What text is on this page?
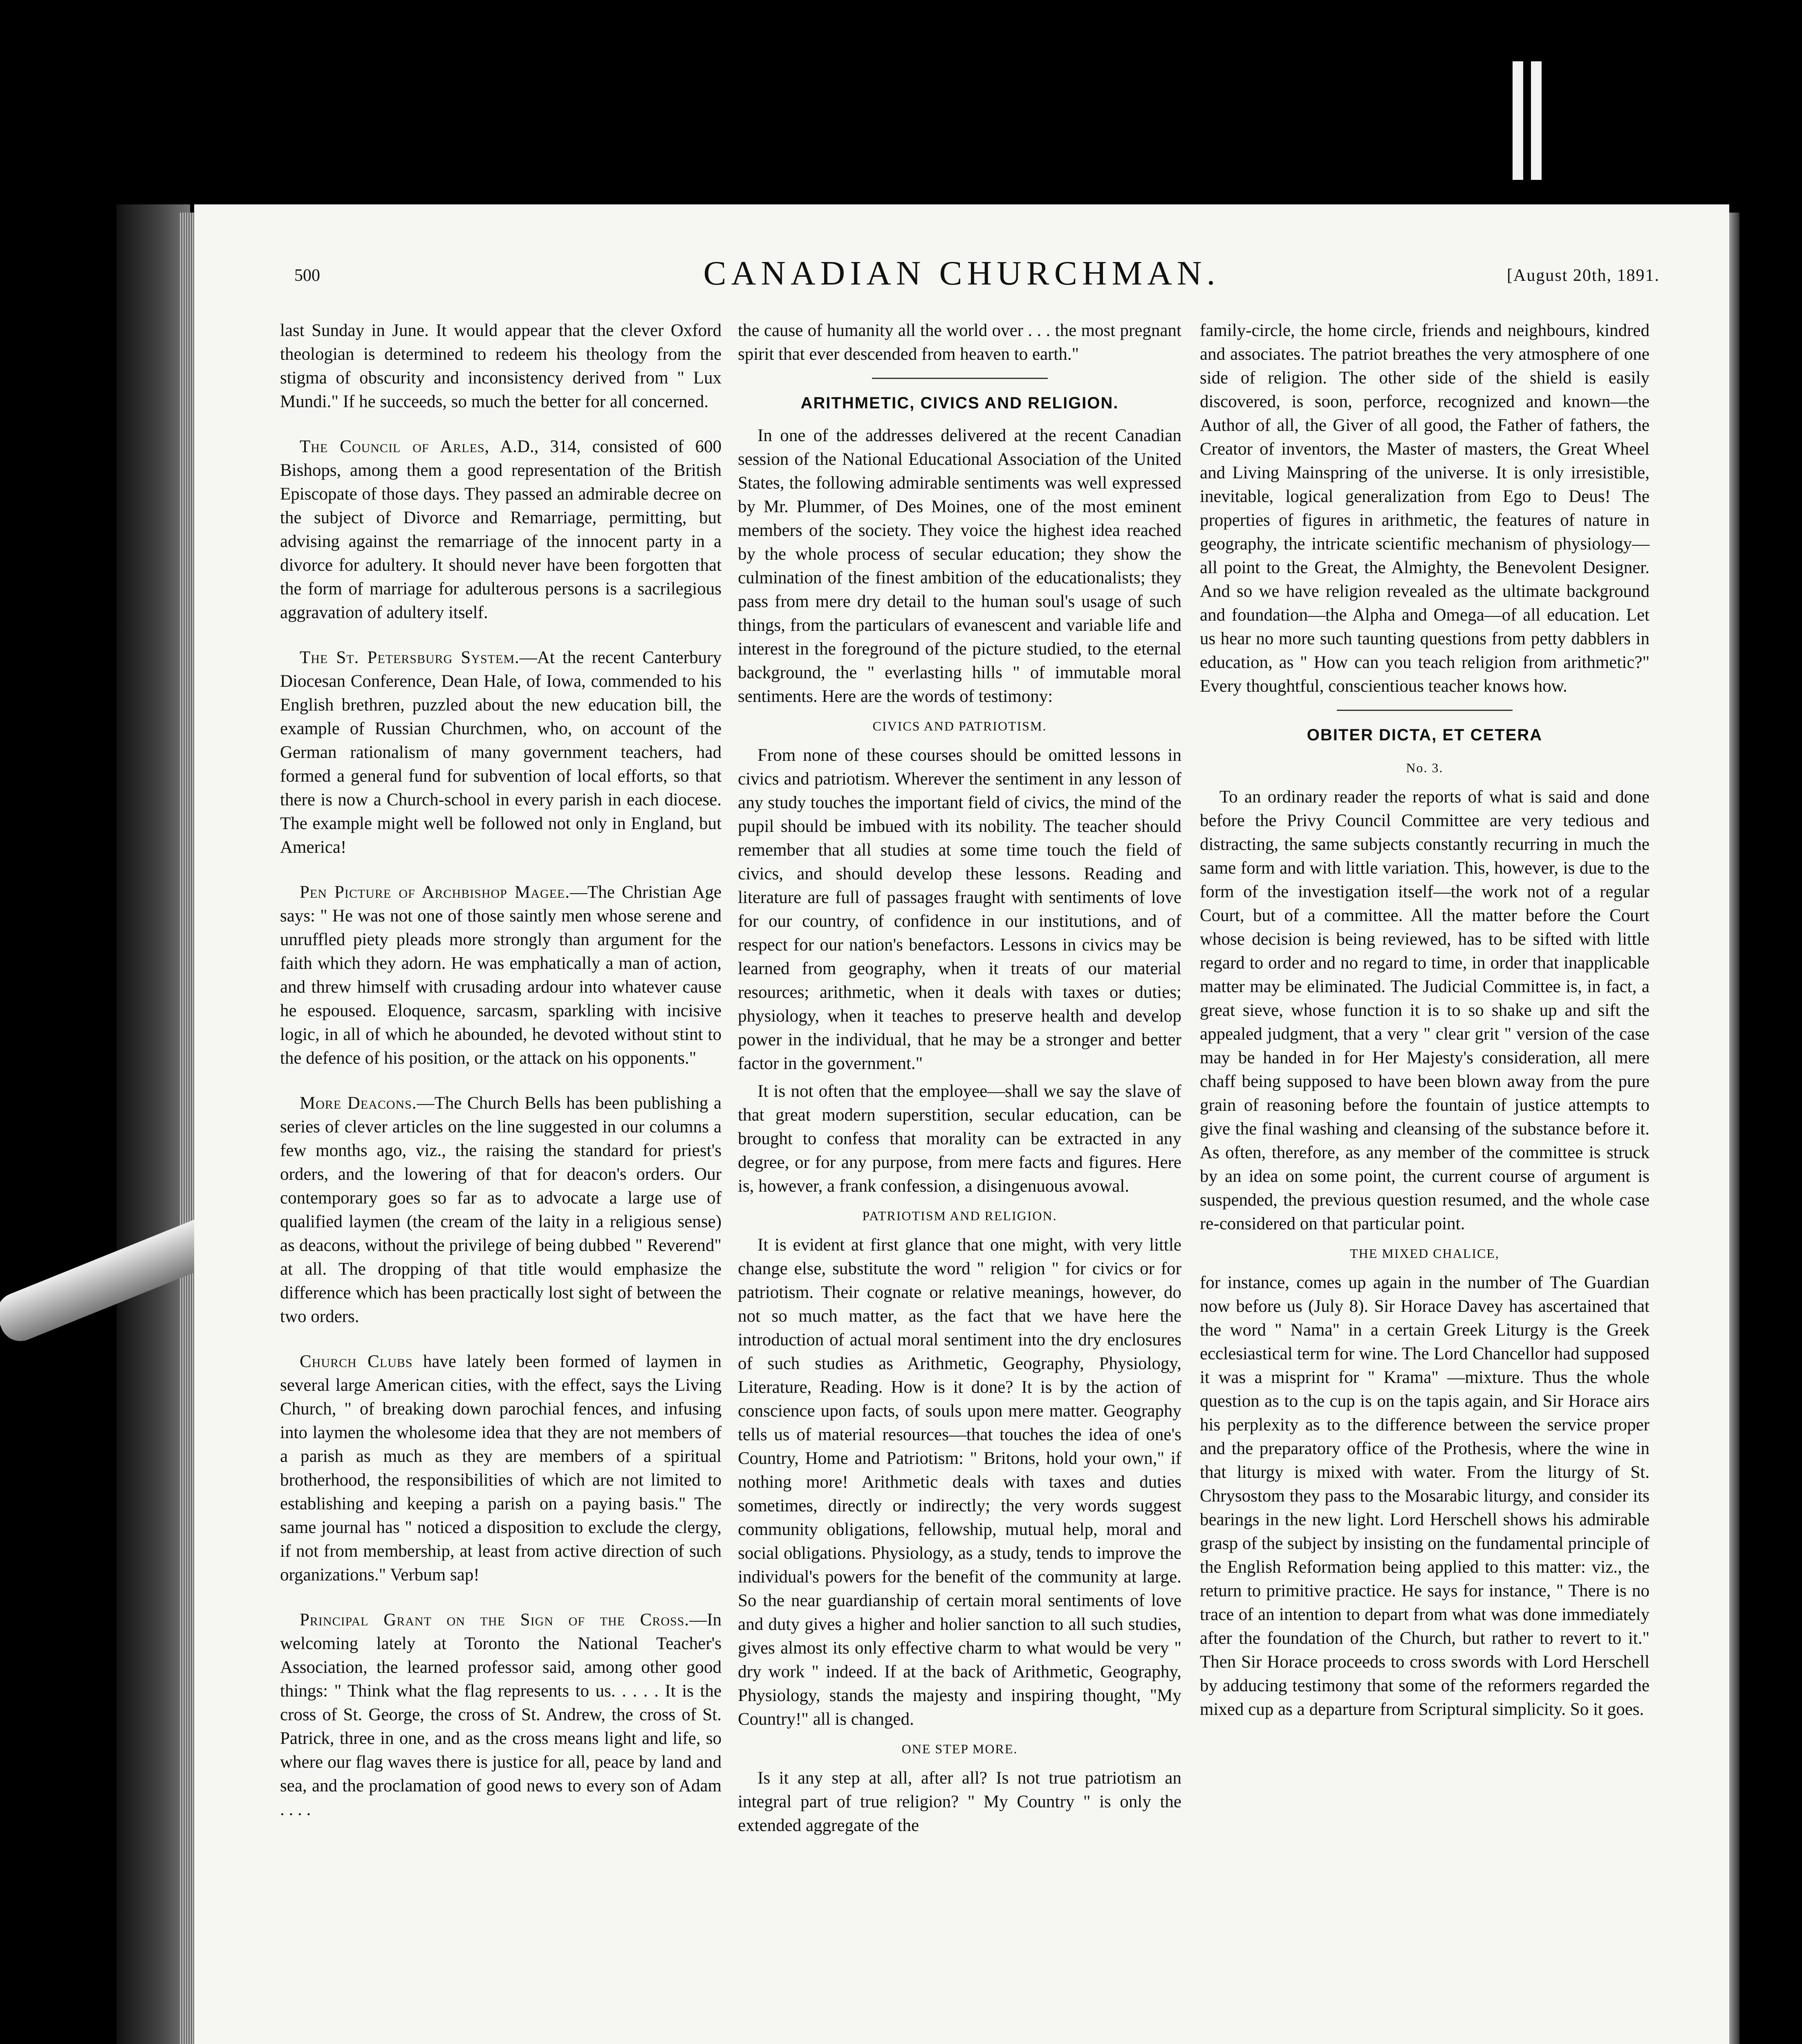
500	CANADIAN CHURCHMAN.	[August 20th, 1891.

last Sunday in June. It would appear that the clever Oxford theologian is determined to redeem his theology from the stigma of obscurity and inconsistency derived from " Lux Mundi." If he succeeds, so much the better for all concerned.

The Council of Arles, A.D., 314, consisted of 600 Bishops, among them a good representation of the British Episcopate of those days. They passed an admirable decree on the subject of Divorce and Remarriage, permitting, but advising against the remarriage of the innocent party in a divorce for adultery. It should never have been forgotten that the form of marriage for adulterous persons is a sacrilegious aggravation of adultery itself.

The St. Petersburg System.—At the recent Canterbury Diocesan Conference, Dean Hale, of Iowa, commended to his English brethren, puzzled about the new education bill, the example of Russian Churchmen, who, on account of the German rationalism of many government teachers, had formed a general fund for subvention of local efforts, so that there is now a Church-school in every parish in each diocese. The example might well be followed not only in England, but America!

Pen Picture of Archbishop Magee.—The Christian Age says: " He was not one of those saintly men whose serene and unruffled piety pleads more strongly than argument for the faith which they adorn. He was emphatically a man of action, and threw himself with crusading ardour into whatever cause he espoused. Eloquence, sarcasm, sparkling with incisive logic, in all of which he abounded, he devoted without stint to the defence of his position, or the attack on his opponents."

More Deacons.—The Church Bells has been publishing a series of clever articles on the line suggested in our columns a few months ago, viz., the raising the standard for priest's orders, and the lowering of that for deacon's orders. Our contemporary goes so far as to advocate a large use of qualified laymen (the cream of the laity in a religious sense) as deacons, without the privilege of being dubbed " Reverend" at all. The dropping of that title would emphasize the difference which has been practically lost sight of between the two orders.

Church Clubs have lately been formed of laymen in several large American cities, with the effect, says the Living Church, " of breaking down parochial fences, and infusing into laymen the wholesome idea that they are not members of a parish as much as they are members of a spiritual brotherhood, the responsibilities of which are not limited to establishing and keeping a parish on a paying basis." The same journal has " noticed a disposition to exclude the clergy, if not from membership, at least from active direction of such organizations." Verbum sap!

Principal Grant on the Sign of the Cross.—In welcoming lately at Toronto the National Teacher's Association, the learned professor said, among other good things: " Think what the flag represents to us. . . . . It is the cross of St. George, the cross of St. Andrew, the cross of St. Patrick, three in one, and as the cross means light and life, so where our flag waves there is justice for all, peace by land and sea, and the proclamation of good news to every son of Adam . . . .

the cause of humanity all the world over . . . the most pregnant spirit that ever descended from heaven to earth."

ARITHMETIC, CIVICS AND RELIGION.

In one of the addresses delivered at the recent Canadian session of the National Educational Association of the United States, the following admirable sentiments was well expressed by Mr. Plummer, of Des Moines, one of the most eminent members of the society. They voice the highest idea reached by the whole process of secular education; they show the culmination of the finest ambition of the educationalists; they pass from mere dry detail to the human soul's usage of such things, from the particulars of evanescent and variable life and interest in the foreground of the picture studied, to the eternal background, the " everlasting hills " of immutable moral sentiments. Here are the words of testimony:

CIVICS AND PATRIOTISM.

From none of these courses should be omitted lessons in civics and patriotism. Wherever the sentiment in any lesson of any study touches the important field of civics, the mind of the pupil should be imbued with its nobility. The teacher should remember that all studies at some time touch the field of civics, and should develop these lessons. Reading and literature are full of passages fraught with sentiments of love for our country, of confidence in our institutions, and of respect for our nation's benefactors. Lessons in civics may be learned from geography, when it treats of our material resources; arithmetic, when it deals with taxes or duties; physiology, when it teaches to preserve health and develop power in the individual, that he may be a stronger and better factor in the government."

It is not often that the employee—shall we say the slave of that great modern superstition, secular education, can be brought to confess that morality can be extracted in any degree, or for any purpose, from mere facts and figures. Here is, however, a frank confession, a disingenuous avowal.

PATRIOTISM AND RELIGION.

It is evident at first glance that one might, with very little change else, substitute the word " religion " for civics or for patriotism. Their cognate or relative meanings, however, do not so much matter, as the fact that we have here the introduction of actual moral sentiment into the dry enclosures of such studies as Arithmetic, Geography, Physiology, Literature, Reading. How is it done? It is by the action of conscience upon facts, of souls upon mere matter. Geography tells us of material resources—that touches the idea of one's Country, Home and Patriotism: " Britons, hold your own," if nothing more! Arithmetic deals with taxes and duties sometimes, directly or indirectly; the very words suggest community obligations, fellowship, mutual help, moral and social obligations. Physiology, as a study, tends to improve the individual's powers for the benefit of the community at large. So the near guardianship of certain moral sentiments of love and duty gives a higher and holier sanction to all such studies, gives almost its only effective charm to what would be very " dry work " indeed. If at the back of Arithmetic, Geography, Physiology, stands the majesty and inspiring thought, "My Country!" all is changed.

ONE STEP MORE.

Is it any step at all, after all? Is not true patriotism an integral part of true religion? " My Country " is only the extended aggregate of the

family-circle, the home circle, friends and neighbours, kindred and associates. The patriot breathes the very atmosphere of one side of religion. The other side of the shield is easily discovered, is soon, perforce, recognized and known—the Author of all, the Giver of all good, the Father of fathers, the Creator of inventors, the Master of masters, the Great Wheel and Living Mainspring of the universe. It is only irresistible, inevitable, logical generalization from Ego to Deus! The properties of figures in arithmetic, the features of nature in geography, the intricate scientific mechanism of physiology—all point to the Great, the Almighty, the Benevolent Designer. And so we have religion revealed as the ultimate background and foundation—the Alpha and Omega—of all education. Let us hear no more such taunting questions from petty dabblers in education, as " How can you teach religion from arithmetic?" Every thoughtful, conscientious teacher knows how.

OBITER DICTA, ET CETERA
No. 3.

To an ordinary reader the reports of what is said and done before the Privy Council Committee are very tedious and distracting, the same subjects constantly recurring in much the same form and with little variation. This, however, is due to the form of the investigation itself—the work not of a regular Court, but of a committee. All the matter before the Court whose decision is being reviewed, has to be sifted with little regard to order and no regard to time, in order that inapplicable matter may be eliminated. The Judicial Committee is, in fact, a great sieve, whose function it is to so shake up and sift the appealed judgment, that a very " clear grit " version of the case may be handed in for Her Majesty's consideration, all mere chaff being supposed to have been blown away from the pure grain of reasoning before the fountain of justice attempts to give the final washing and cleansing of the substance before it. As often, therefore, as any member of the committee is struck by an idea on some point, the current course of argument is suspended, the previous question resumed, and the whole case re-considered on that particular point.

THE MIXED CHALICE,

for instance, comes up again in the number of The Guardian now before us (July 8). Sir Horace Davey has ascertained that the word " Nama" in a certain Greek Liturgy is the Greek ecclesiastical term for wine. The Lord Chancellor had supposed it was a misprint for " Krama" —mixture. Thus the whole question as to the cup is on the tapis again, and Sir Horace airs his perplexity as to the difference between the service proper and the preparatory office of the Prothesis, where the wine in that liturgy is mixed with water. From the liturgy of St. Chrysostom they pass to the Mosarabic liturgy, and consider its bearings in the new light. Lord Herschell shows his admirable grasp of the subject by insisting on the fundamental principle of the English Reformation being applied to this matter: viz., the return to primitive practice. He says for instance, " There is no trace of an intention to depart from what was done immediately after the foundation of the Church, but rather to revert to it." Then Sir Horace proceeds to cross swords with Lord Herschell by adducing testimony that some of the reformers regarded the mixed cup as a departure from Scriptural simplicity. So it goes.
